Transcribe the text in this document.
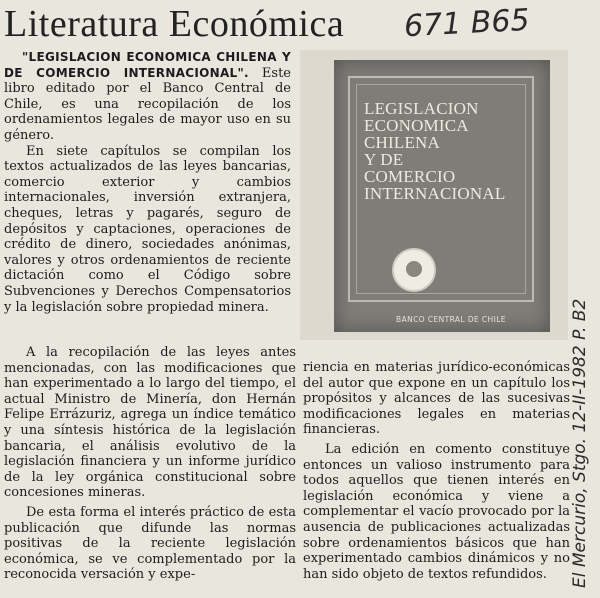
Literatura Económica 671 B65
El Mercurio, Stgo. 12-II-1982 P. B2

"LEGISLACION ECONOMICA CHILENA Y DE COMERCIO INTERNACIONAL". Este libro editado por el Banco Central de Chile, es una recopilación de los ordenamientos legales de mayor uso en su género.

En siete capítulos se compilan los textos actualizados de las leyes bancarias, comercio exterior y cambios internacionales, inversión extranjera, cheques, letras y pagarés, seguro de depósitos y captaciones, operaciones de crédito de dinero, sociedades anónimas, valores y otros ordenamientos de reciente dictación como el Código sobre Subvenciones y Derechos Compensatorios y la legislación sobre propiedad minera.

LEGISLACION
ECONOMICA
CHILENA
Y DE
COMERCIO
INTERNACIONAL
BANCO CENTRAL DE CHILE

A la recopilación de las leyes antes mencionadas, con las modificaciones que han experimentado a lo largo del tiempo, el actual Ministro de Minería, don Hernán Felipe Errázuriz, agrega un índice temático y una síntesis histórica de la legislación bancaria, el análisis evolutivo de la legislación financiera y un informe jurídico de la ley orgánica constitucional sobre concesiones mineras.

De esta forma el interés práctico de esta publicación que difunde las normas positivas de la reciente legislación económica, se ve complementado por la reconocida versación y expe-

riencia en materias jurídico-económicas del autor que expone en un capítulo los propósitos y alcances de las sucesivas modificaciones legales en materias financieras.

La edición en comento constituye entonces un valioso instrumento para todos aquellos que tienen interés en legislación económica y viene a complementar el vacío provocado por la ausencia de publicaciones actualizadas sobre ordenamientos básicos que han experimentado cambios dinámicos y no han sido objeto de textos refundidos.
